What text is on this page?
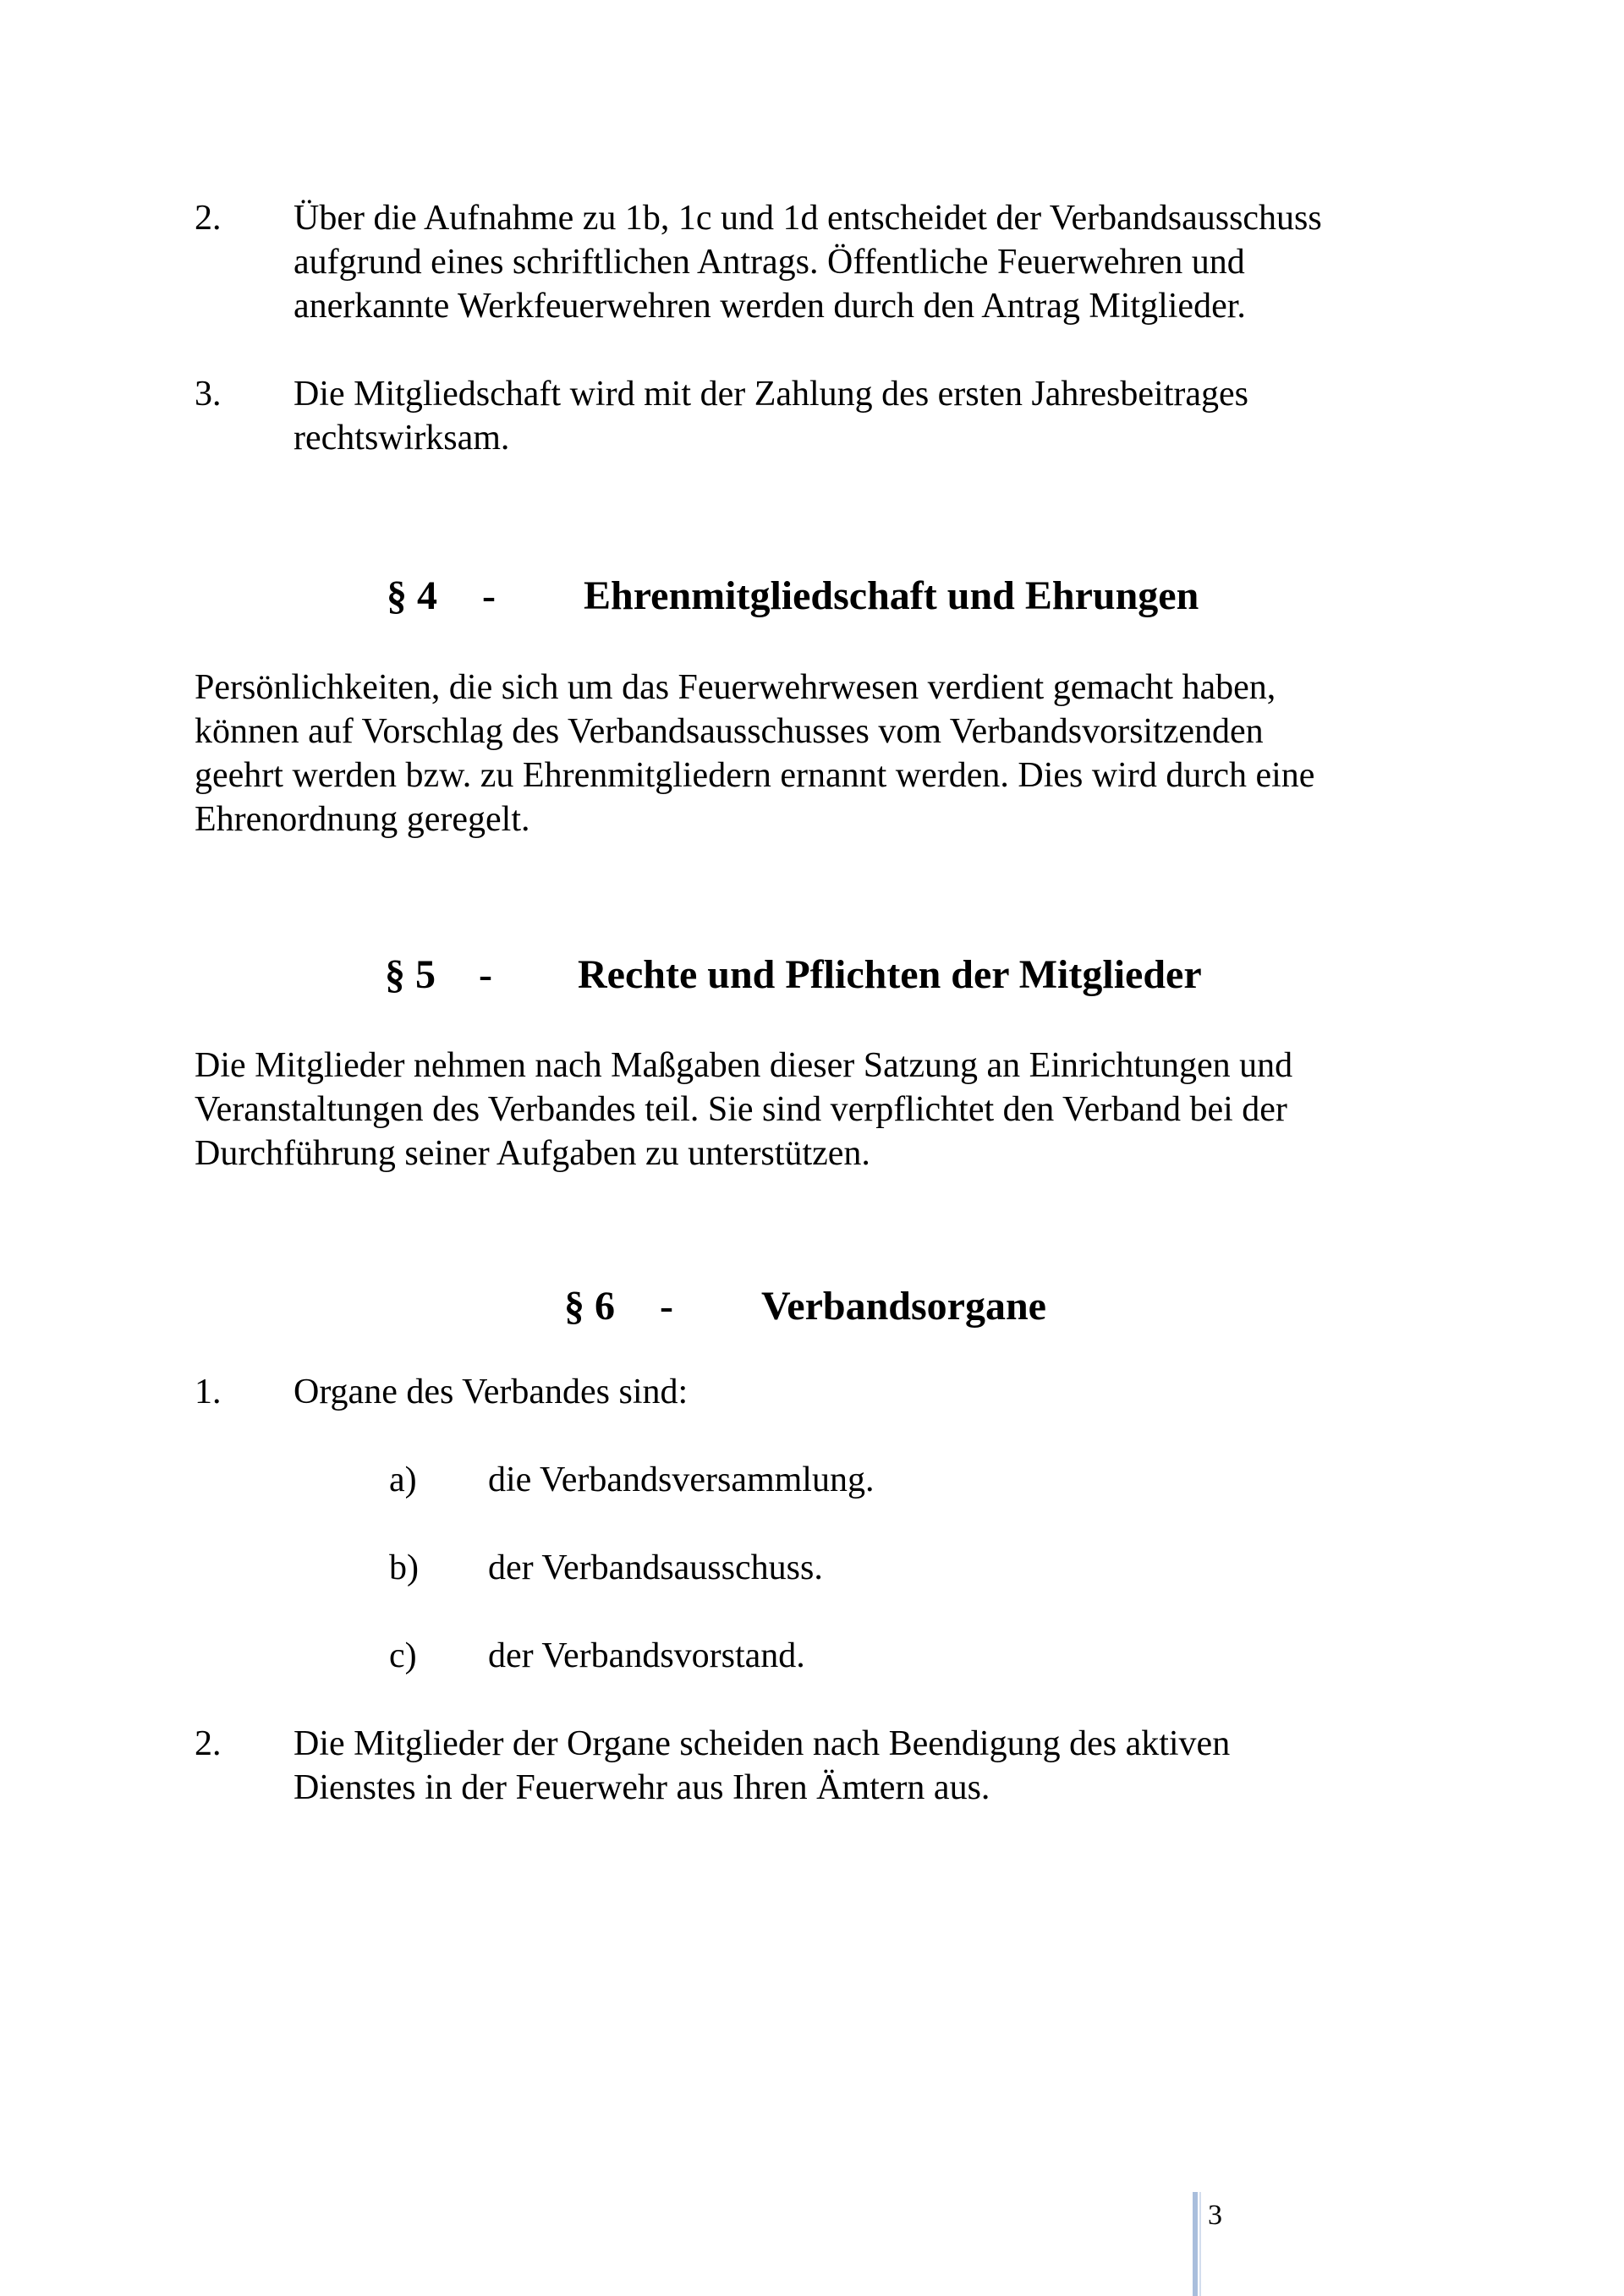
2. Über die Aufnahme zu 1b, 1c und 1d entscheidet der Verbandsausschuss
aufgrund eines schriftlichen Antrags. Öffentliche Feuerwehren und
anerkannte Werkfeuerwehren werden durch den Antrag Mitglieder.
3. Die Mitgliedschaft wird mit der Zahlung des ersten Jahresbeitrages
rechtswirksam.
§ 4 - Ehrenmitgliedschaft und Ehrungen
Persönlichkeiten, die sich um das Feuerwehrwesen verdient gemacht haben,
können auf Vorschlag des Verbandsausschusses vom Verbandsvorsitzenden
geehrt werden bzw. zu Ehrenmitgliedern ernannt werden. Dies wird durch eine
Ehrenordnung geregelt.
§ 5 - Rechte und Pflichten der Mitglieder
Die Mitglieder nehmen nach Maßgaben dieser Satzung an Einrichtungen und
Veranstaltungen des Verbandes teil. Sie sind verpflichtet den Verband bei der
Durchführung seiner Aufgaben zu unterstützen.
§ 6 - Verbandsorgane
1. Organe des Verbandes sind:
a) die Verbandsversammlung.
b) der Verbandsausschuss.
c) der Verbandsvorstand.
2. Die Mitglieder der Organe scheiden nach Beendigung des aktiven
Dienstes in der Feuerwehr aus Ihren Ämtern aus.
3
